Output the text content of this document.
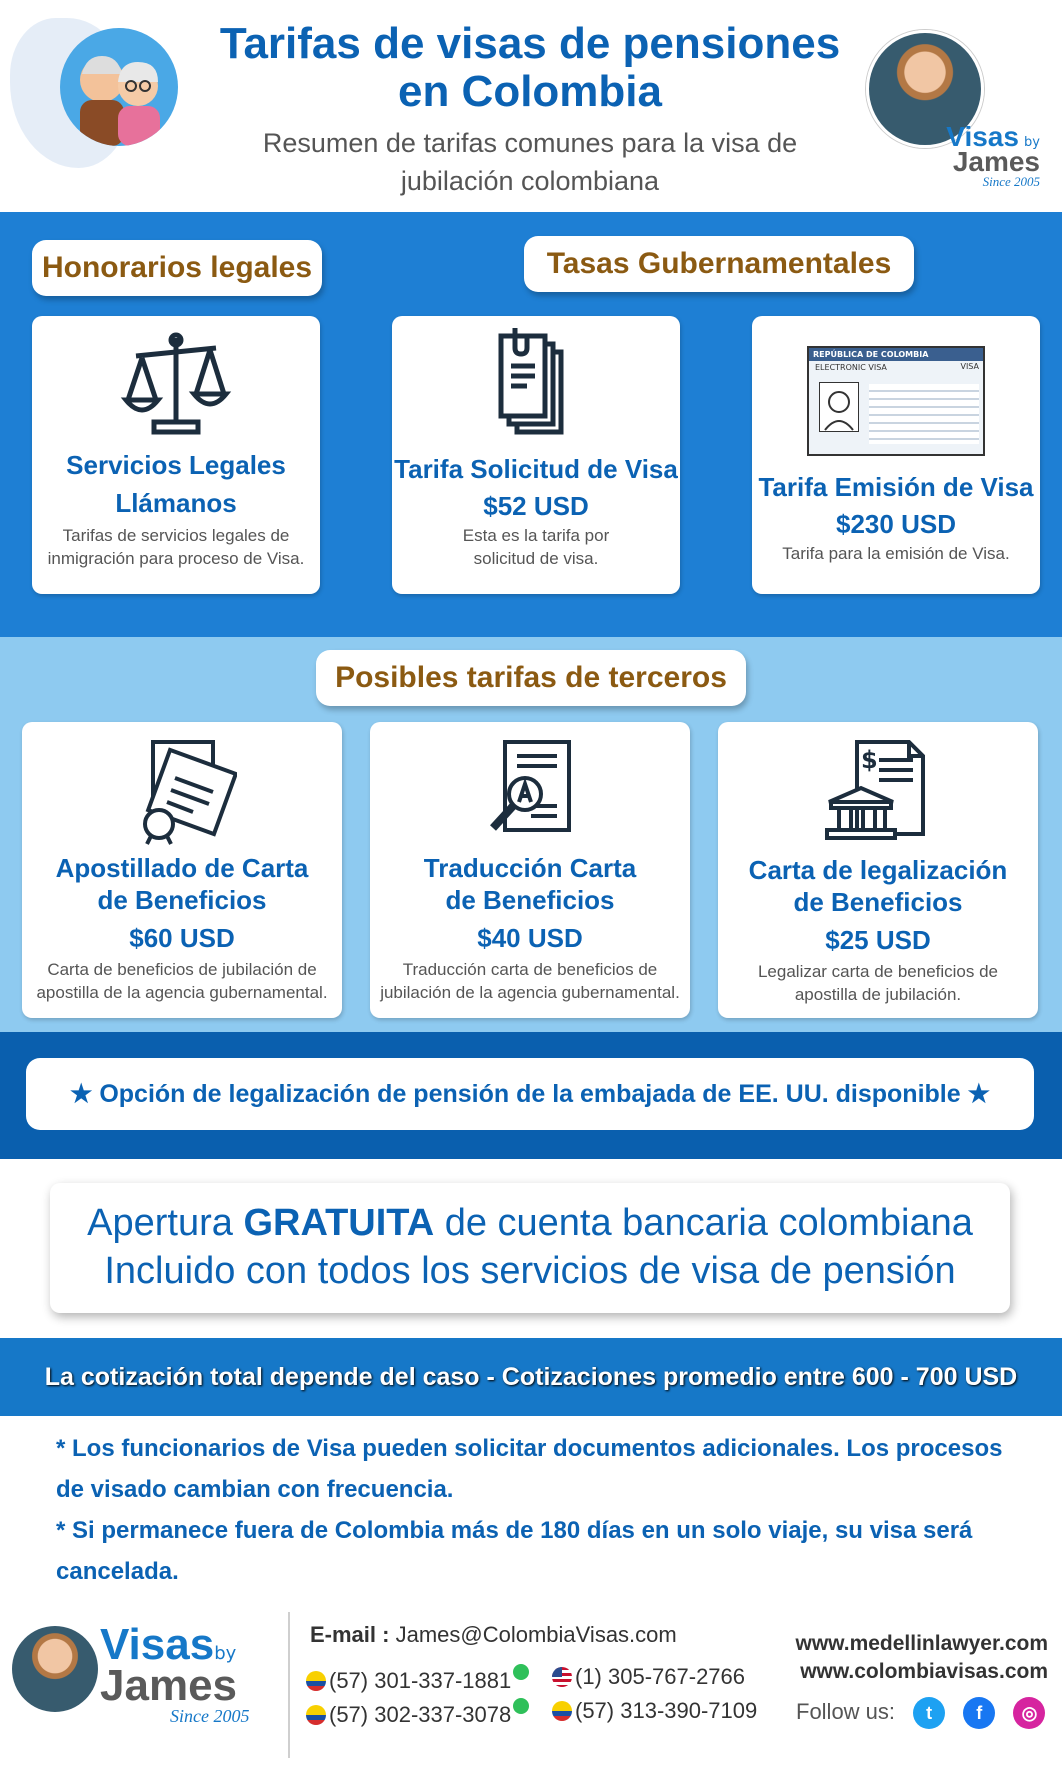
Tarifas de visas de pensiones
en Colombia
Resumen de tarifas comunes para la visa de
jubilación colombiana
Visas by
James
Since 2005
Honorarios legales	Tasas Gubernamentales
Servicios Legales
Llámanos

Tarifas de servicios legales de
inmigración para proceso de Visa.

Tarifa Solicitud de Visa
$52 USD

Esta es la tarifa por
solicitud de visa.

REPÚBLICA DE COLOMBIA
VISA
ELECTRONIC VISA
Tarifa Emisión de Visa
$230 USD

Tarifa para la emisión de Visa.

Posibles tarifas de terceros
Apostillado de Carta
de Beneficios
$60 USD

Carta de beneficios de jubilación de
apostilla de la agencia gubernamental.

Traducción Carta
de Beneficios
$40 USD

Traducción carta de beneficios de
jubilación de la agencia gubernamental.

$
Carta de legalización
de Beneficios
$25 USD

Legalizar carta de beneficios de
apostilla de jubilación.

★ Opción de legalización de pensión de la embajada de EE. UU. disponible ★
Apertura GRATUITA de cuenta bancaria colombiana
Incluido con todos los servicios de visa de pensión
La cotización total depende del caso - Cotizaciones promedio entre 600 - 700 USD
* Los funcionarios de Visa pueden solicitar documentos adicionales. Los procesos de visado cambian con frecuencia.
* Si permanece fuera de Colombia más de 180 días en un solo viaje, su visa será cancelada.
Visasby
James
Since 2005
E-mail : James@ColombiaVisas.com
(57) 301-337-1881	(1) 305-767-2766
(57) 302-337-3078	(57) 313-390-7109
www.medellinlawyer.com
www.colombiavisas.com
Follow us: t f ◎
